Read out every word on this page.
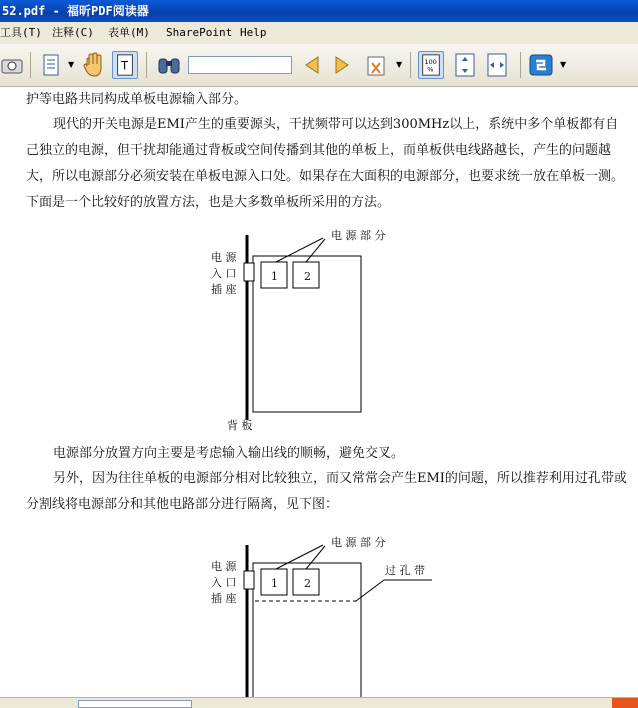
52.pdf - 福昕PDF阅读器
工具(T) 注释(C) 表单(M) SharePoint Help
▼	T	▼	100
%
▼

护等电路共同构成单板电源输入部分。

现代的开关电源是EMI产生的重要源头，干扰频带可以达到300MHz以上，系统中多个单板都有自己独立的电源，但干扰却能通过背板或空间传播到其他的单板上，而单板供电线路越长，产生的问题越大，所以电源部分必须安装在单板电源入口处。如果存在大面积的电源部分，也要求统一放在单板一测。下面是一个比较好的放置方法，也是大多数单板所采用的方法。

电 源 部 分
电 源
入 口
插 座
1 2
背 板

电源部分放置方向主要是考虑输入输出线的顺畅，避免交叉。

另外，因为往往单板的电源部分相对比较独立，而又常常会产生EMI的问题，所以推荐利用过孔带或分割线将电源部分和其他电路部分进行隔离，见下图：

电 源 部 分
电 源
入 口
插 座
1 2
过 孔 带
